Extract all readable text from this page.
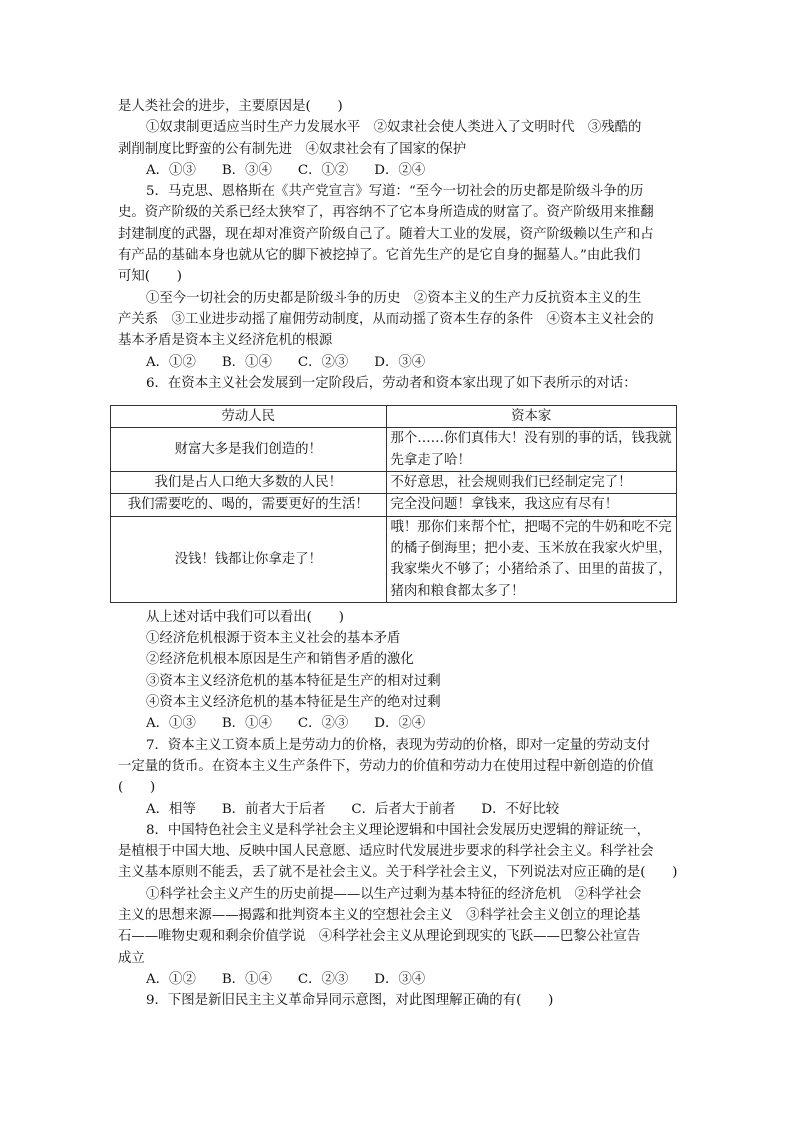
是人类社会的进步，主要原因是(　　)
①奴隶制更适应当时生产力发展水平　②奴隶社会使人类进入了文明时代　③残酷的
剥削制度比野蛮的公有制先进　④奴隶社会有了国家的保护
A．①③ B．③④ C．①② D．②④
5．马克思、恩格斯在《共产党宣言》写道：“至今一切社会的历史都是阶级斗争的历
史。资产阶级的关系已经太狭窄了，再容纳不了它本身所造成的财富了。资产阶级用来推翻
封建制度的武器，现在却对准资产阶级自己了。随着大工业的发展，资产阶级赖以生产和占
有产品的基础本身也就从它的脚下被挖掉了。它首先生产的是它自身的掘墓人。”由此我们
可知(　　)
①至今一切社会的历史都是阶级斗争的历史　②资本主义的生产力反抗资本主义的生
产关系　③工业进步动摇了雇佣劳动制度，从而动摇了资本生存的条件　④资本主义社会的
基本矛盾是资本主义经济危机的根源
A．①② B．①④ C．②③ D．③④
6．在资本主义社会发展到一定阶段后，劳动者和资本家出现了如下表所示的对话：
劳动人民	资本家
财富大多是我们创造的！	那个……你们真伟大！没有别的事的话，钱我就先拿走了哈！
我们是占人口绝大多数的人民！	不好意思，社会规则我们已经制定完了！
我们需要吃的、喝的，需要更好的生活！	完全没问题！拿钱来，我这应有尽有！
没钱！钱都让你拿走了！	哦！那你们来帮个忙，把喝不完的牛奶和吃不完的橘子倒海里；把小麦、玉米放在我家火炉里，我家柴火不够了；小猪给杀了、田里的苗拔了，猪肉和粮食都太多了！
从上述对话中我们可以看出(　　)
①经济危机根源于资本主义社会的基本矛盾
②经济危机根本原因是生产和销售矛盾的激化
③资本主义经济危机的基本特征是生产的相对过剩
④资本主义经济危机的基本特征是生产的绝对过剩
A．①③ B．①④ C．②③ D．②④
7．资本主义工资本质上是劳动力的价格，表现为劳动的价格，即对一定量的劳动支付
一定量的货币。在资本主义生产条件下，劳动力的价值和劳动力在使用过程中新创造的价值
(　　)
A．相等 B．前者大于后者 C．后者大于前者 D．不好比较
8．中国特色社会主义是科学社会主义理论逻辑和中国社会发展历史逻辑的辩证统一，
是植根于中国大地、反映中国人民意愿、适应时代发展进步要求的科学社会主义。科学社会
主义基本原则不能丢，丢了就不是社会主义。关于科学社会主义，下列说法对应正确的是(　　)
①科学社会主义产生的历史前提——以生产过剩为基本特征的经济危机　②科学社会
主义的思想来源——揭露和批判资本主义的空想社会主义　③科学社会主义创立的理论基
石——唯物史观和剩余价值学说　④科学社会主义从理论到现实的飞跃——巴黎公社宣告
成立
A．①② B．①④ C．②③ D．③④
9．下图是新旧民主主义革命异同示意图，对此图理解正确的有(　　)
